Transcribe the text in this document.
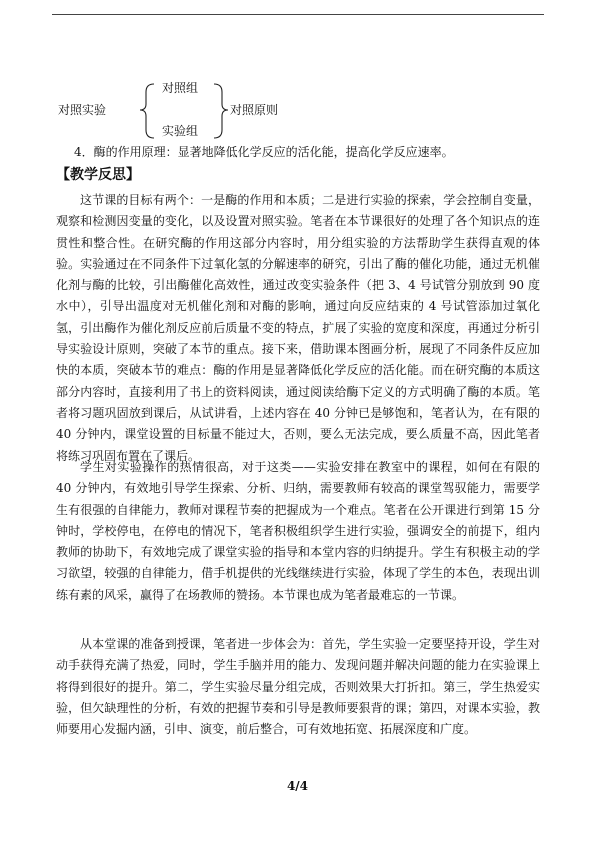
对照实验
对照组
实验组
对照原则
4．酶的作用原理：显著地降低化学反应的活化能，提高化学反应速率。
【教学反思】

这节课的目标有两个：一是酶的作用和本质；二是进行实验的探索，学会控制自变量，观察和检测因变量的变化，以及设置对照实验。笔者在本节课很好的处理了各个知识点的连贯性和整合性。在研究酶的作用这部分内容时，用分组实验的方法帮助学生获得直观的体验。实验通过在不同条件下过氧化氢的分解速率的研究，引出了酶的催化功能，通过无机催化剂与酶的比较，引出酶催化高效性，通过改变实验条件（把 3、4 号试管分别放到 90 度水中），引导出温度对无机催化剂和对酶的影响，通过向反应结束的 4 号试管添加过氧化氢，引出酶作为催化剂反应前后质量不变的特点，扩展了实验的宽度和深度，再通过分析引导实验设计原则，突破了本节的重点。接下来，借助课本图画分析，展现了不同条件反应加快的本质，突破本节的难点：酶的作用是显著降低化学反应的活化能。而在研究酶的本质这部分内容时，直接利用了书上的资料阅读，通过阅读给酶下定义的方式明确了酶的本质。笔者将习题巩固放到课后，从试讲看，上述内容在 40 分钟已是够饱和，笔者认为，在有限的 40 分钟内，课堂设置的目标量不能过大，否则，要么无法完成，要么质量不高，因此笔者将练习巩固布置在了课后。

学生对实验操作的热情很高，对于这类——实验安排在教室中的课程，如何在有限的 40 分钟内，有效地引导学生探索、分析、归纳，需要教师有较高的课堂驾驭能力，需要学生有很强的自律能力，教师对课程节奏的把握成为一个难点。笔者在公开课进行到第 15 分钟时，学校停电，在停电的情况下，笔者积极组织学生进行实验，强调安全的前提下，组内教师的协助下，有效地完成了课堂实验的指导和本堂内容的归纳提升。学生有积极主动的学习欲望，较强的自律能力，借手机提供的光线继续进行实验，体现了学生的本色，表现出训练有素的风采，赢得了在场教师的赞扬。本节课也成为笔者最难忘的一节课。

从本堂课的准备到授课，笔者进一步体会为：首先，学生实验一定要坚持开设，学生对动手获得充满了热爱，同时，学生手脑并用的能力、发现问题并解决问题的能力在实验课上将得到很好的提升。第二，学生实验尽量分组完成，否则效果大打折扣。第三，学生热爱实验，但欠缺理性的分析，有效的把握节奏和引导是教师要狠背的课；第四，对课本实验，教师要用心发掘内涵，引申、演变，前后整合，可有效地拓宽、拓展深度和广度。

4/4
